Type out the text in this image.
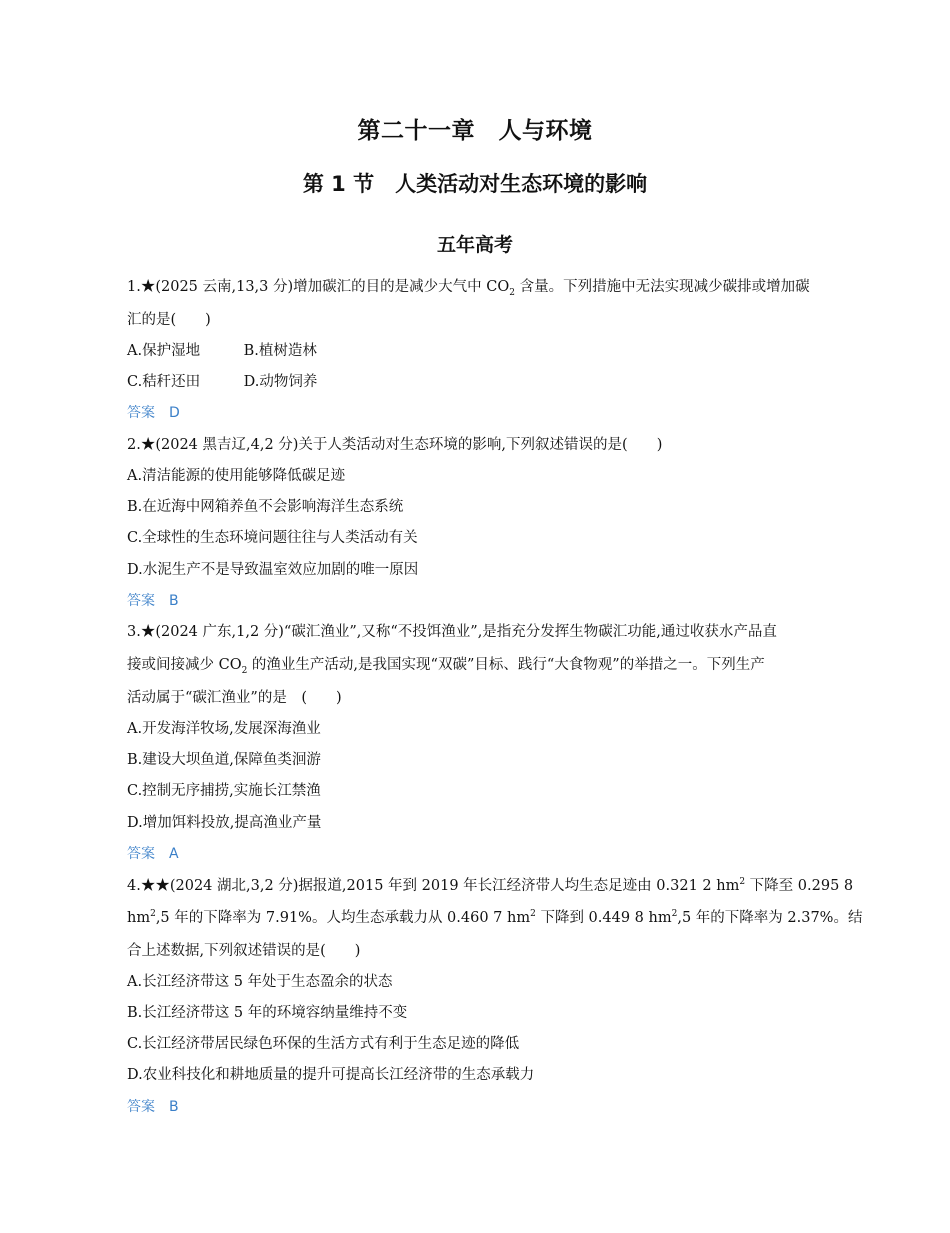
第二十一章　人与环境
第 1 节　人类活动对生态环境的影响
五年高考
1.★(2025 云南,13,3 分)增加碳汇的目的是减少大气中 $CO_2$ 含量。下列措施中无法实现减少碳排或增加碳
汇的是(　　)
A.保护湿地　　　B.植树造林
C.秸秆还田　　　D.动物饲养
答案　D
2.★(2024 黑吉辽,4,2 分)关于人类活动对生态环境的影响,下列叙述错误的是(　　)
A.清洁能源的使用能够降低碳足迹
B.在近海中网箱养鱼不会影响海洋生态系统
C.全球性的生态环境问题往往与人类活动有关
D.水泥生产不是导致温室效应加剧的唯一原因
答案　B
3.★(2024 广东,1,2 分)“碳汇渔业”,又称“不投饵渔业”,是指充分发挥生物碳汇功能,通过收获水产品直
接或间接减少 $CO_2$ 的渔业生产活动,是我国实现“双碳”目标、践行“大食物观”的举措之一。下列生产
活动属于“碳汇渔业”的是　(　　)
A.开发海洋牧场,发展深海渔业
B.建设大坝鱼道,保障鱼类洄游
C.控制无序捕捞,实施长江禁渔
D.增加饵料投放,提高渔业产量
答案　A
4.★★(2024 湖北,3,2 分)据报道,2015 年到 2019 年长江经济带人均生态足迹由 0.321 2 $hm^2$ 下降至 0.295 8
$hm^2,5$ 年的下降率为 7.91%。人均生态承载力从 0.460 7 $hm^2$ 下降到 0.449 8 $hm^2,5$ 年的下降率为 2.37%。结
合上述数据,下列叙述错误的是(　　)
A.长江经济带这 5 年处于生态盈余的状态
B.长江经济带这 5 年的环境容纳量维持不变
C.长江经济带居民绿色环保的生活方式有利于生态足迹的降低
D.农业科技化和耕地质量的提升可提高长江经济带的生态承载力
答案　B
